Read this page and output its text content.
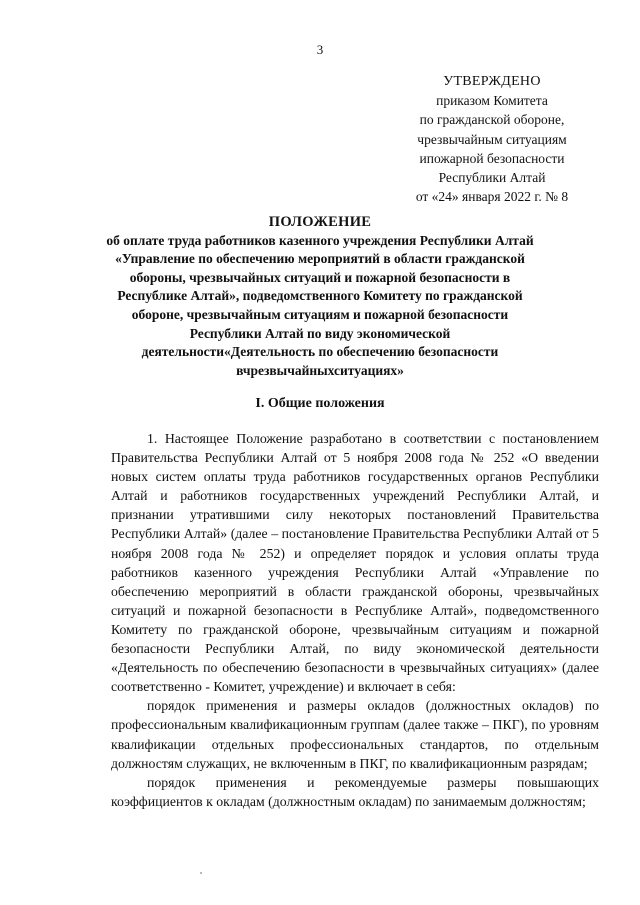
3
УТВЕРЖДЕНО
приказом Комитета
по гражданской обороне,
чрезвычайным ситуациям
ипожарной безопасности
Республики Алтай
от «24» января 2022 г. № 8
ПОЛОЖЕНИЕ
об оплате труда работников казенного учреждения Республики Алтай
«Управление по обеспечению мероприятий в области гражданской
обороны, чрезвычайных ситуаций и пожарной безопасности в
Республике Алтай», подведомственного Комитету по гражданской
обороне, чрезвычайным ситуациям и пожарной безопасности
Республики Алтай по виду экономической
деятельности«Деятельность по обеспечению безопасности
вчрезвычайныхситуациях»
I. Общие положения

1. Настоящее Положение разработано в соответствии с постановлением Правительства Республики Алтай от 5 ноября 2008 года № 252 «О введении новых систем оплаты труда работников государственных органов Республики Алтай и работников государственных учреждений Республики Алтай, и признании утратившими силу некоторых постановлений Правительства Республики Алтай» (далее – постановление Правительства Республики Алтай от 5 ноября 2008 года № 252) и определяет порядок и условия оплаты труда работников казенного учреждения Республики Алтай «Управление по обеспечению мероприятий в области гражданской обороны, чрезвычайных ситуаций и пожарной безопасности в Республике Алтай», подведомственного Комитету по гражданской обороне, чрезвычайным ситуациям и пожарной безопасности Республики Алтай, по виду экономической деятельности «Деятельность по обеспечению безопасности в чрезвычайных ситуациях» (далее соответственно - Комитет, учреждение) и включает в себя:

порядок применения и размеры окладов (должностных окладов) по профессиональным квалификационным группам (далее также – ПКГ), по уровням квалификации отдельных профессиональных стандартов, по отдельным должностям служащих, не включенным в ПКГ, по квалификационным разрядам;

порядок применения и рекомендуемые размеры повышающих коэффициентов к окладам (должностным окладам) по занимаемым должностям;
